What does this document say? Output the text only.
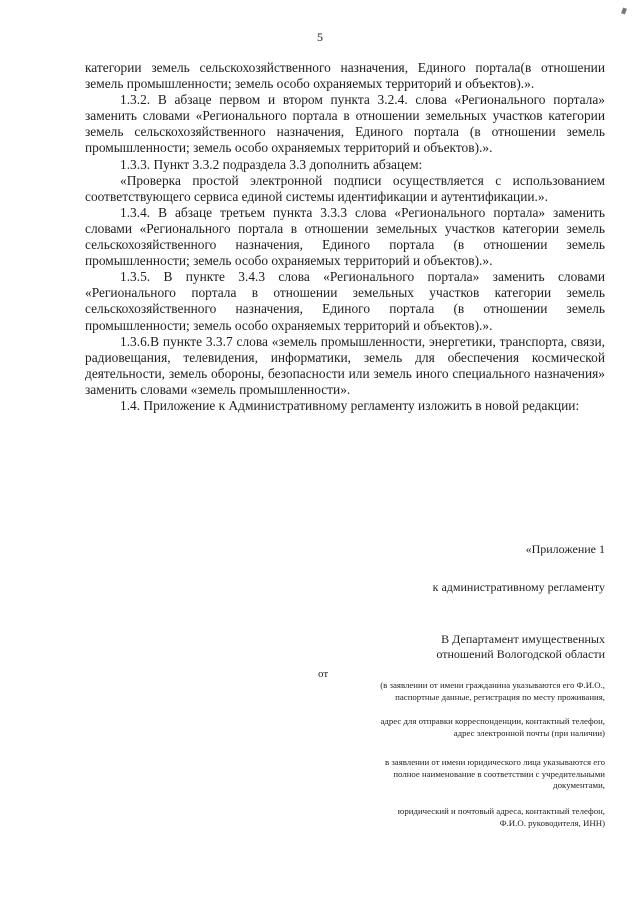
5

категории земель сельскохозяйственного назначения, Единого портала(в отношении земель промышленности; земель особо охраняемых территорий и объектов).».

1.3.2. В абзаце первом и втором пункта 3.2.4. слова «Регионального портала» заменить словами «Регионального портала в отношении земельных участков категории земель сельскохозяйственного назначения, Единого портала (в отношении земель промышленности; земель особо охраняемых территорий и объектов).».

1.3.3. Пункт 3.3.2 подраздела 3.3 дополнить абзацем:

«Проверка простой электронной подписи осуществляется с использованием соответствующего сервиса единой системы идентификации и аутентификации.».

1.3.4. В абзаце третьем пункта 3.3.3 слова «Регионального портала» заменить словами «Регионального портала в отношении земельных участков категории земель сельскохозяйственного назначения, Единого портала (в отношении земель промышленности; земель особо охраняемых территорий и объектов).».

1.3.5. В пункте 3.4.3 слова «Регионального портала» заменить словами «Регионального портала в отношении земельных участков категории земель сельскохозяйственного назначения, Единого портала (в отношении земель промышленности; земель особо охраняемых территорий и объектов).».

1.3.6.В пункте 3.3.7 слова «земель промышленности, энергетики, транспорта, связи, радиовещания, телевидения, информатики, земель для обеспечения космической деятельности, земель обороны, безопасности или земель иного специального назначения» заменить словами «земель промышленности».

1.4. Приложение к Административному регламенту изложить в новой редакции:

«Приложение 1
к административному регламенту
В Департамент имущественных
отношений Вологодской области
от
(в заявлении от имени гражданина указываются его Ф.И.О.,
паспортные данные, регистрация по месту проживания,
адрес для отправки корреспонденции, контактный телефон,
адрес электронной почты (при наличии)
в заявлении от имени юридического лица указываются его
полное наименование в соответствии с учредительными
документами,
юридический и почтовый адреса, контактный телефон,
Ф.И.О. руководителя, ИНН)
